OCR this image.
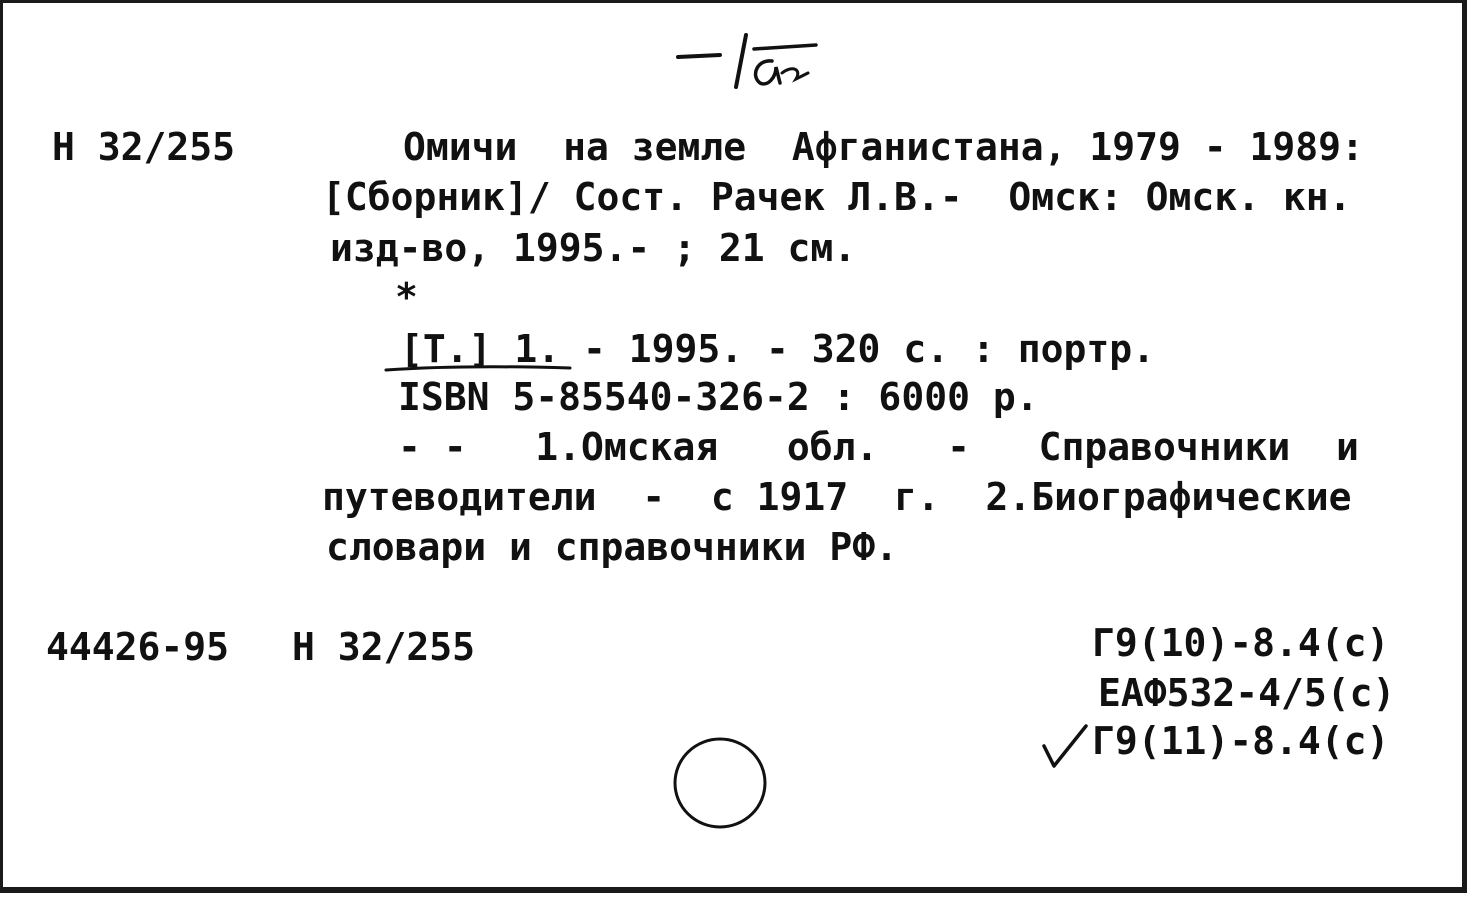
Н 32/255	Омичи  на земле  Афганистана, 1979 - 1989:

[Сборник]/ Сост. Рачек Л.В.-  Омск: Омск. кн.

изд-во, 1995.- ; 21 см.

*

[Т.] 1. - 1995. - 320 с. : портр.

ISBN 5-85540-326-2 : 6000 р.

- -   1.Омская   обл.   -   Справочники  и

путеводители  -  с 1917  г.  2.Биографические

словари и справочники РФ.

44426-95 Н 32/255	Г9(10)-8.4(с)

ЕАФ532-4/5(с)

Г9(11)-8.4(с)
